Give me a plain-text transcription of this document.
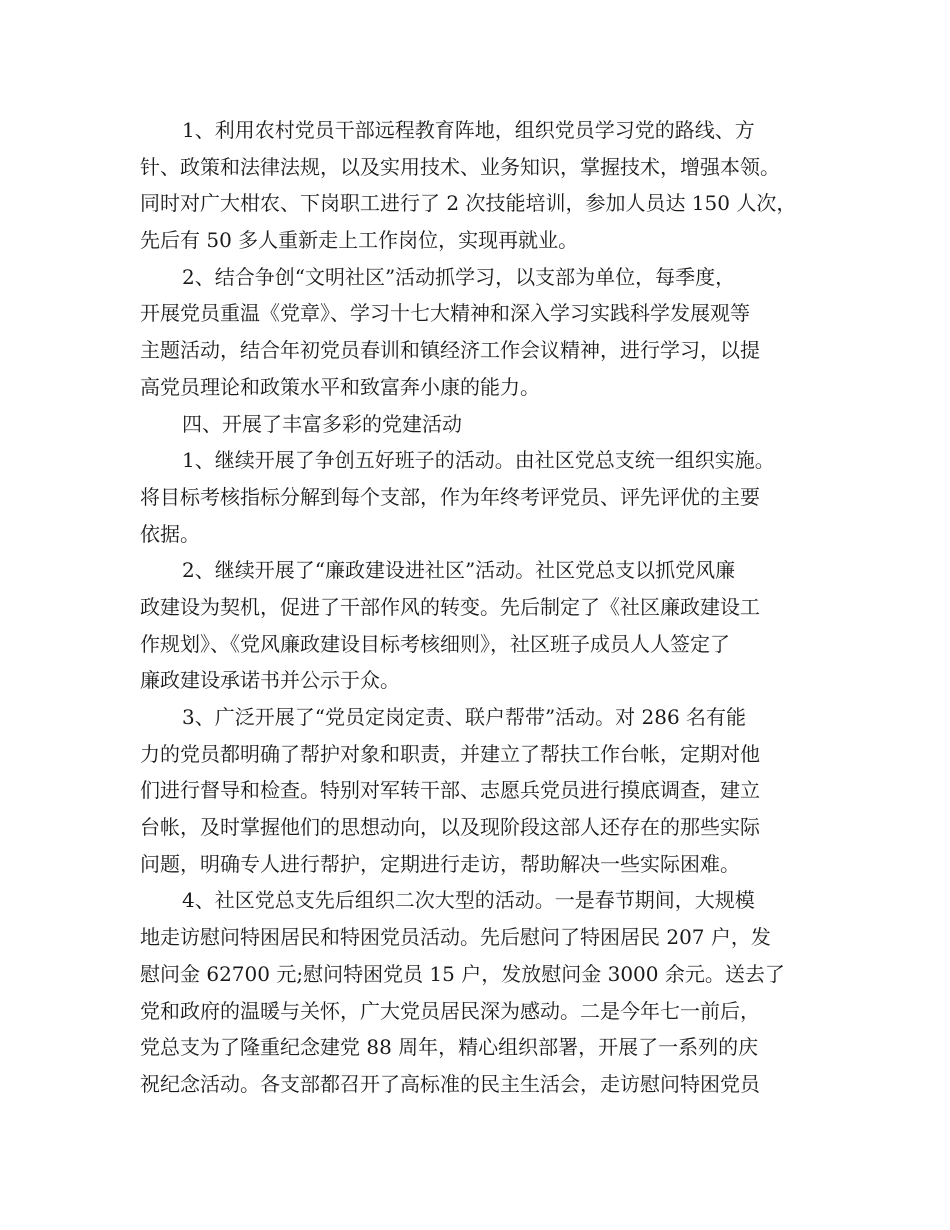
1、利用农村党员干部远程教育阵地，组织党员学习党的路线、方
针、政策和法律法规，以及实用技术、业务知识，掌握技术，增强本领。
同时对广大柑农、下岗职工进行了 2 次技能培训，参加人员达 150 人次，
先后有 50 多人重新走上工作岗位，实现再就业。
2、结合争创“文明社区”活动抓学习，以支部为单位，每季度，
开展党员重温《党章》、学习十七大精神和深入学习实践科学发展观等
主题活动，结合年初党员春训和镇经济工作会议精神，进行学习，以提
高党员理论和政策水平和致富奔小康的能力。
四、开展了丰富多彩的党建活动
1、继续开展了争创五好班子的活动。由社区党总支统一组织实施。
将目标考核指标分解到每个支部，作为年终考评党员、评先评优的主要
依据。
2、继续开展了“廉政建设进社区”活动。社区党总支以抓党风廉
政建设为契机，促进了干部作风的转变。先后制定了《社区廉政建设工
作规划》、《党风廉政建设目标考核细则》，社区班子成员人人签定了
廉政建设承诺书并公示于众。
3、广泛开展了“党员定岗定责、联户帮带”活动。对 286 名有能
力的党员都明确了帮护对象和职责，并建立了帮扶工作台帐，定期对他
们进行督导和检查。特别对军转干部、志愿兵党员进行摸底调查，建立
台帐，及时掌握他们的思想动向，以及现阶段这部人还存在的那些实际
问题，明确专人进行帮护，定期进行走访，帮助解决一些实际困难。
4、社区党总支先后组织二次大型的活动。一是春节期间，大规模
地走访慰问特困居民和特困党员活动。先后慰问了特困居民 207 户，发
慰问金 62700 元;慰问特困党员 15 户，发放慰问金 3000 余元。送去了
党和政府的温暖与关怀，广大党员居民深为感动。二是今年七一前后，
党总支为了隆重纪念建党 88 周年，精心组织部署，开展了一系列的庆
祝纪念活动。各支部都召开了高标准的民主生活会，走访慰问特困党员
